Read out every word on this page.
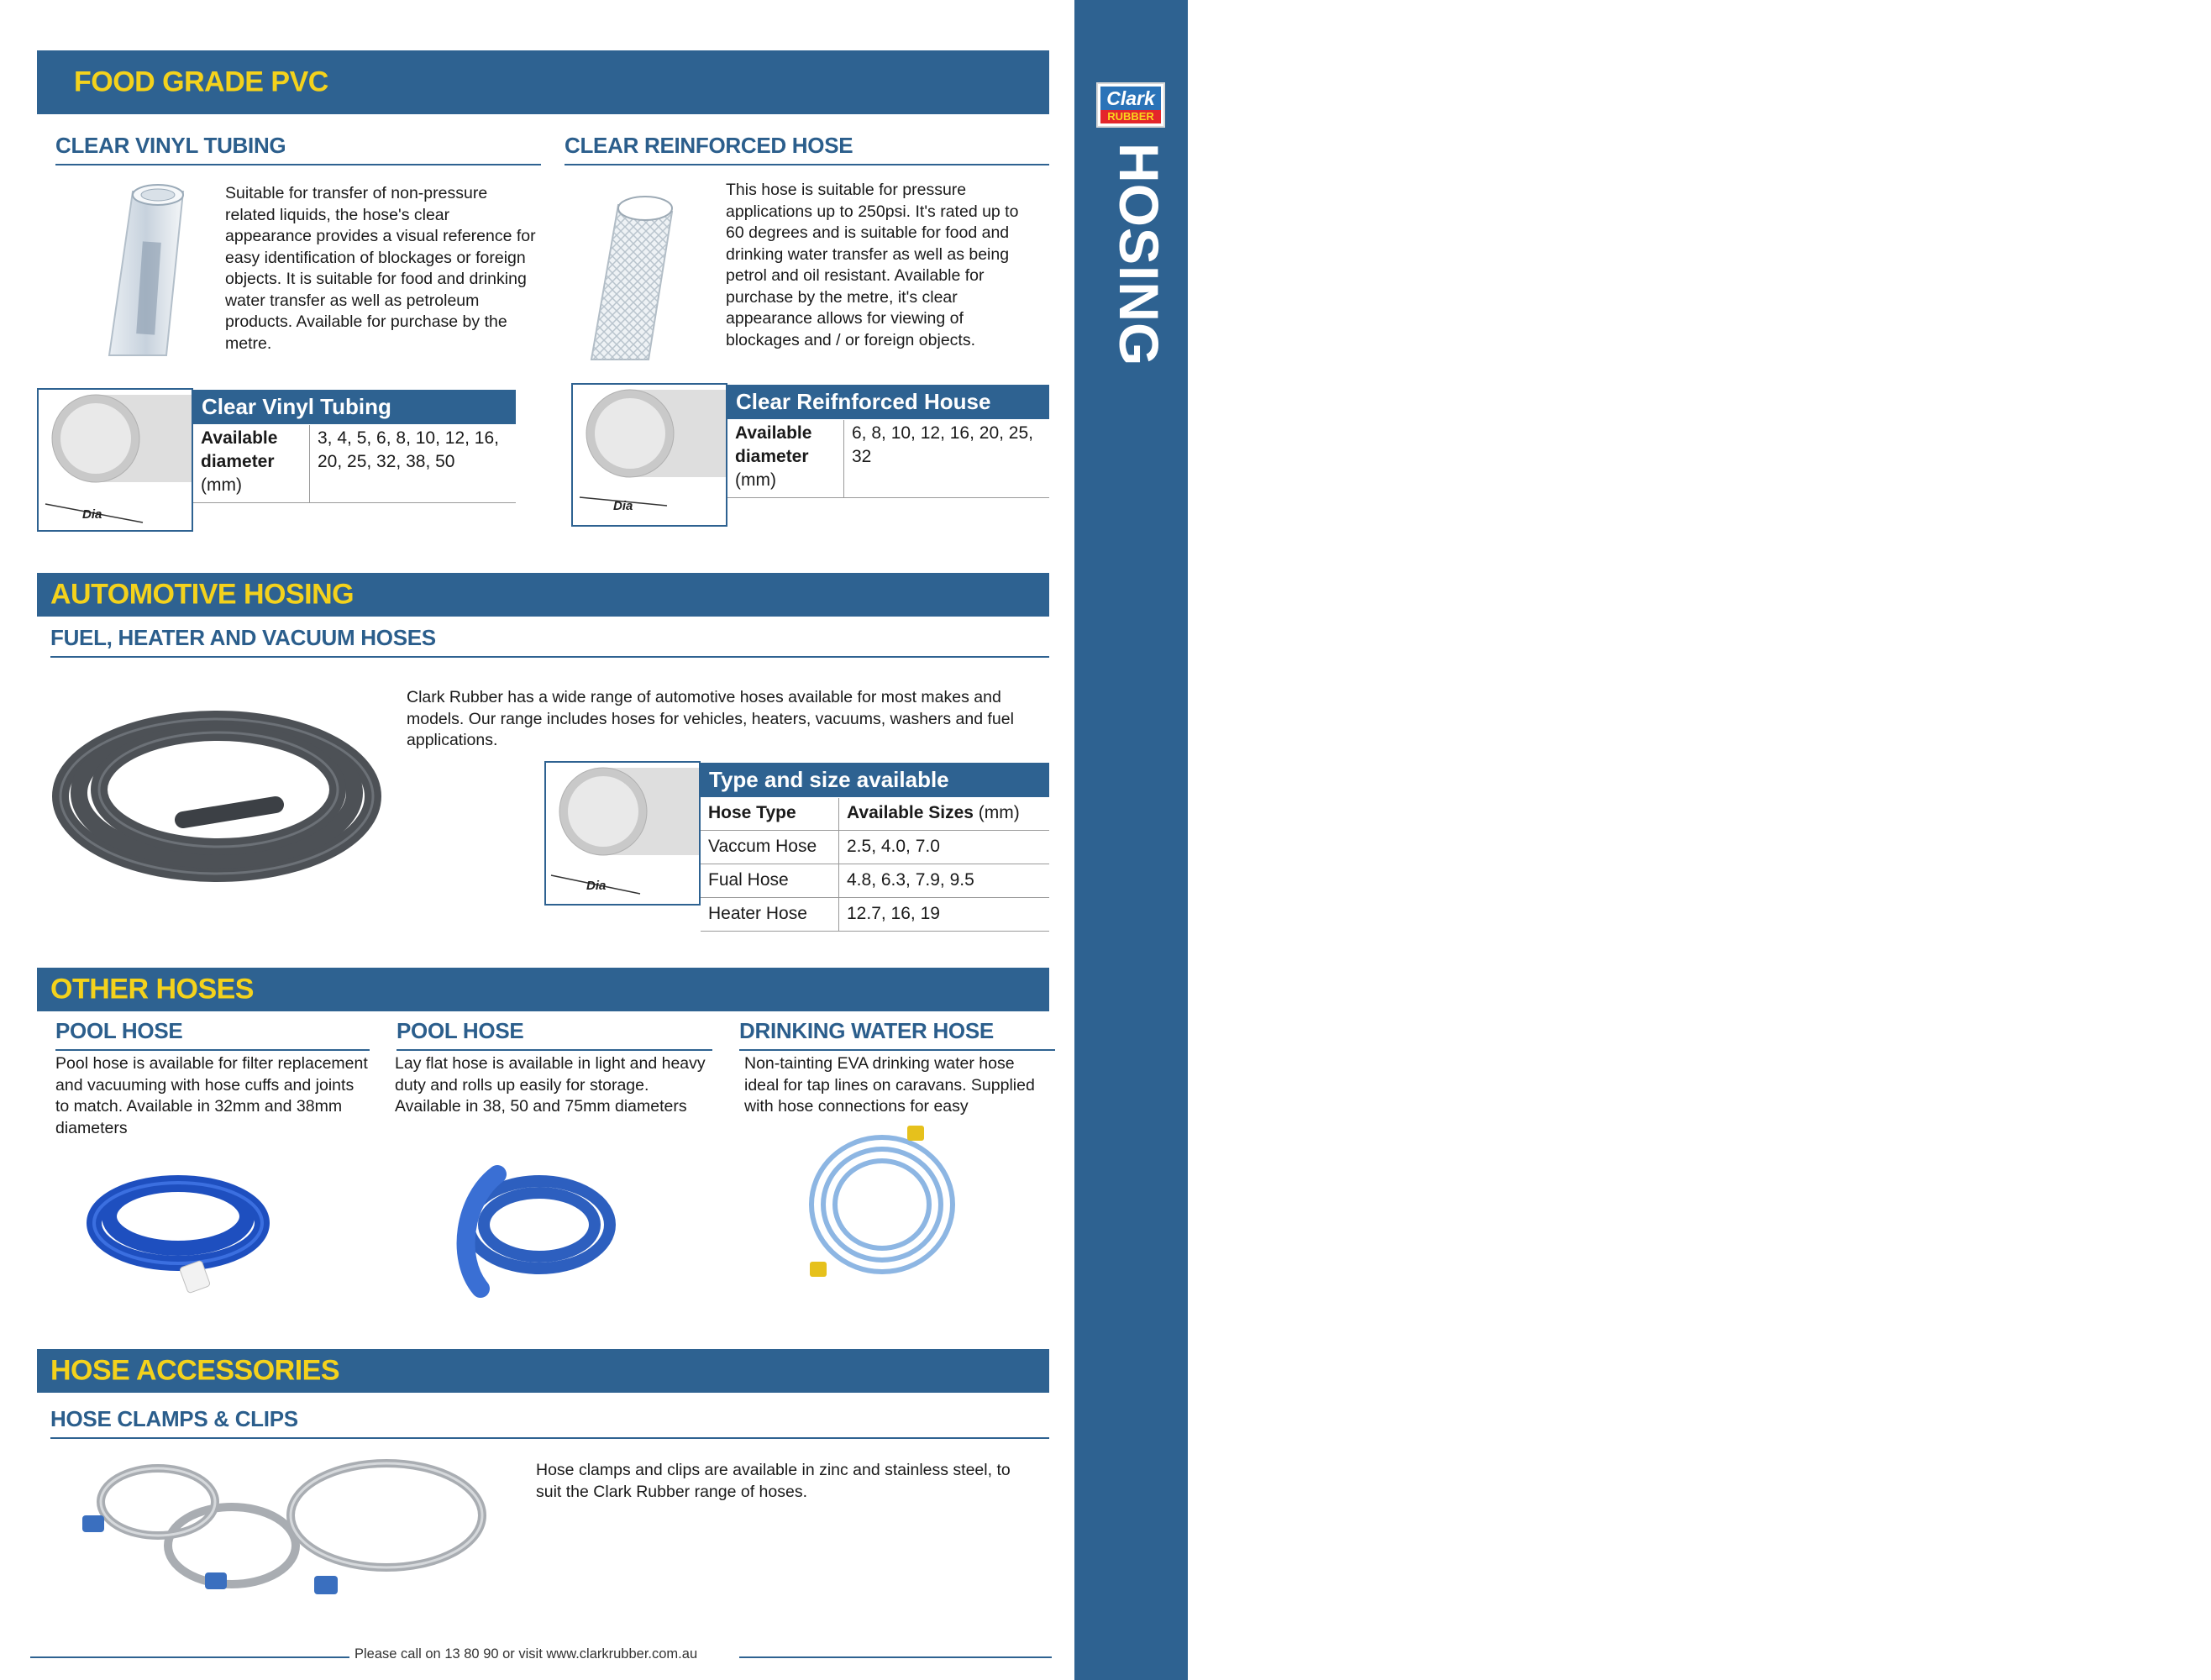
Clark
RUBBER
17
HOSING
FOOD GRADE PVC
CLEAR VINYL TUBING	CLEAR REINFORCED HOSE
Suitable for transfer of non-pressure related liquids, the hose's clear appearance provides a visual reference for easy identification of blockages or foreign objects. It is suitable for food and drinking water transfer as well as petroleum products. Available for purchase by the metre.
This hose is suitable for pressure applications up to 250psi. It's rated up to 60 degrees and is suitable for food and drinking water transfer as well as being petrol and oil resistant. Available for purchase by the metre, it's clear appearance allows for viewing of blockages and / or foreign objects.
Dia
Clear Vinyl Tubing
Available
diameter
(mm)
3, 4, 5, 6, 8, 10, 12, 16, 20, 25, 32, 38, 50
Dia
Clear Reifnforced House
Available
diameter
(mm)
6, 8, 10, 12, 16, 20, 25, 32
AUTOMOTIVE HOSING
FUEL, HEATER AND VACUUM HOSES
Clark Rubber has a wide range of automotive hoses available for most makes and models. Our range includes hoses for vehicles, heaters, vacuums, washers and fuel applications.
Dia
Type and size available
Hose Type	Available Sizes (mm)
Vaccum Hose 2.5, 4.0, 7.0
Fual Hose	4.8, 6.3, 7.9, 9.5
Heater Hose 12.7, 16, 19
OTHER HOSES
POOL HOSE	POOL HOSE	DRINKING WATER HOSE
Pool hose is available for filter replacement and vacuuming with hose cuffs and joints to match. Available in 32mm and 38mm diameters
Lay flat hose is available in light and heavy duty and rolls up easily for storage. Available in 38, 50 and 75mm diameters
Non-tainting EVA drinking water hose ideal for tap lines on caravans. Supplied with hose connections for easy
HOSE ACCESSORIES
HOSE CLAMPS & CLIPS
Hose clamps and clips are available in zinc and stainless steel, to suit the Clark Rubber range of hoses.
Please call on 13 80 90 or visit www.clarkrubber.com.au
